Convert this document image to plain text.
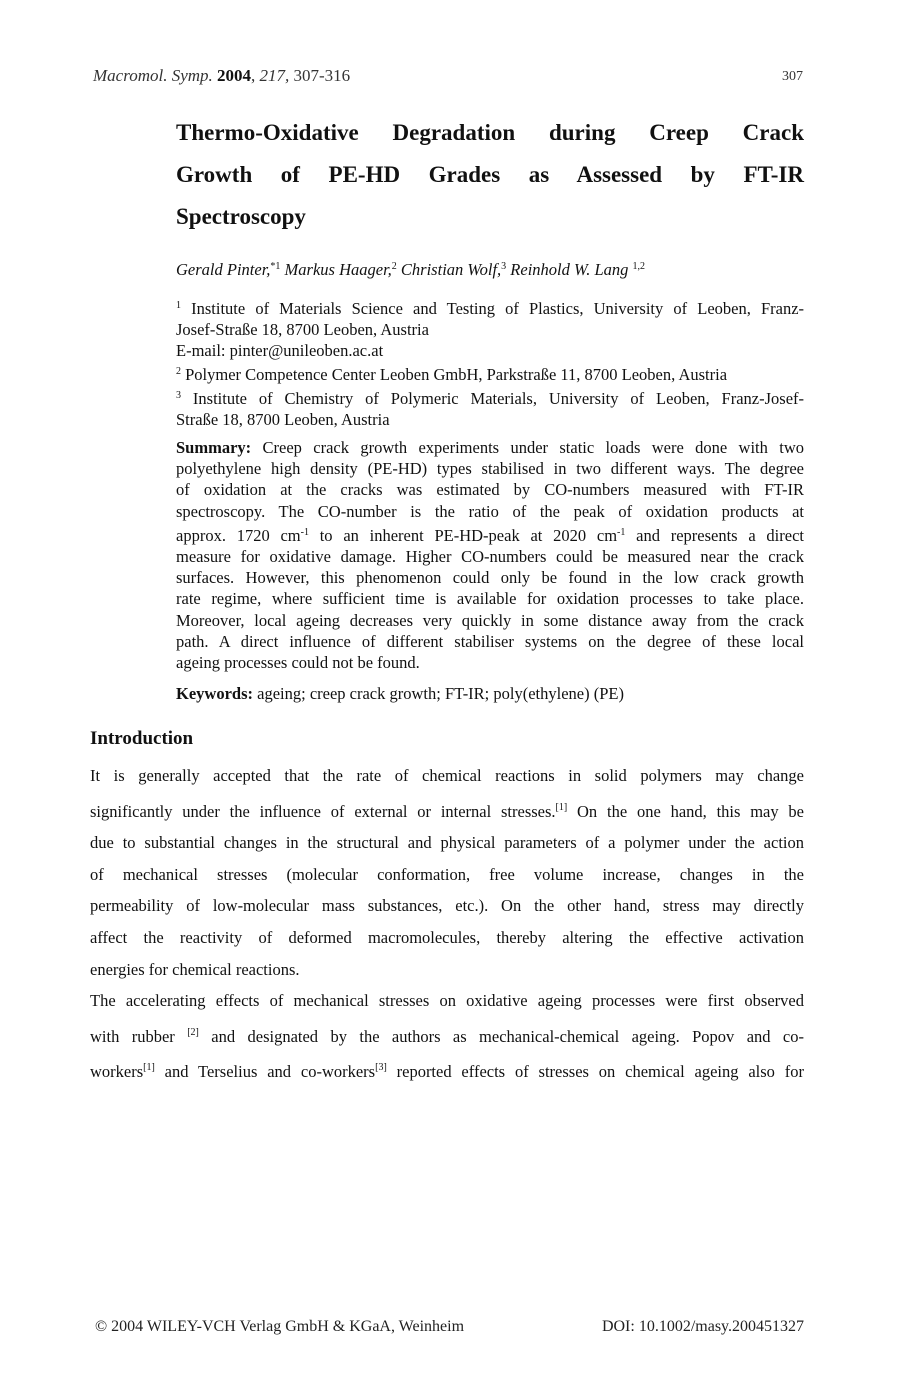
Macromol. Symp. 2004, 217, 307-316	307
Thermo-Oxidative Degradation during Creep Crack
Growth of PE-HD Grades as Assessed by FT-IR
Spectroscopy
Gerald Pinter,$^{*1}$ Markus Haager,$^2$ Christian Wolf,$^3$ Reinhold W. Lang $^{1,2}$
$^1$ Institute of Materials Science and Testing of Plastics, University of Leoben, Franz-
Josef-Straße 18, 8700 Leoben, Austria
E-mail: pinter@unileoben.ac.at
$^2$ Polymer Competence Center Leoben GmbH, Parkstraße 11, 8700 Leoben, Austria
$^3$ Institute of Chemistry of Polymeric Materials, University of Leoben, Franz-Josef-
Straße 18, 8700 Leoben, Austria
Summary: Creep crack growth experiments under static loads were done with two
polyethylene high density (PE-HD) types stabilised in two different ways. The degree
of oxidation at the cracks was estimated by CO-numbers measured with FT-IR
spectroscopy. The CO-number is the ratio of the peak of oxidation products at
approx. 1720 $cm^{-1}$ to an inherent PE-HD-peak at 2020 $cm^{-1}$ and represents a direct
measure for oxidative damage. Higher CO-numbers could be measured near the crack
surfaces. However, this phenomenon could only be found in the low crack growth
rate regime, where sufficient time is available for oxidation processes to take place.
Moreover, local ageing decreases very quickly in some distance away from the crack
path. A direct influence of different stabiliser systems on the degree of these local
ageing processes could not be found.
Keywords: ageing; creep crack growth; FT-IR; poly(ethylene) (PE)
Introduction
It is generally accepted that the rate of chemical reactions in solid polymers may change
significantly under the influence of external or internal stresses.[1] On the one hand, this may be
due to substantial changes in the structural and physical parameters of a polymer under the action
of mechanical stresses (molecular conformation, free volume increase, changes in the
permeability of low-molecular mass substances, etc.). On the other hand, stress may directly
affect the reactivity of deformed macromolecules, thereby altering the effective activation
energies for chemical reactions.
The accelerating effects of mechanical stresses on oxidative ageing processes were first observed
with rubber [2] and designated by the authors as mechanical-chemical ageing. Popov and co-
workers[1] and Terselius and co-workers[3] reported effects of stresses on chemical ageing also for
© 2004 WILEY-VCH Verlag GmbH & KGaA, Weinheim	DOI: 10.1002/masy.200451327
